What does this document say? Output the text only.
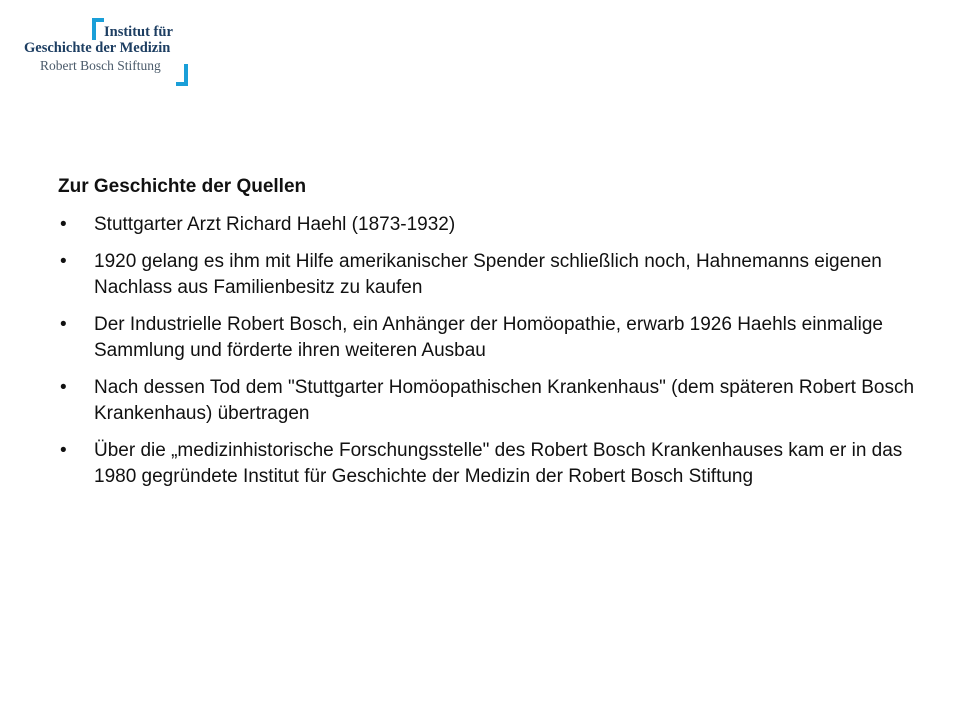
Institut für
Geschichte der Medizin
Robert Bosch Stiftung
Zur Geschichte der Quellen
• Stuttgarter Arzt Richard Haehl (1873-1932)
• 1920 gelang es ihm mit Hilfe amerikanischer Spender schließlich noch, Hahnemanns eigenen Nachlass aus Familienbesitz zu kaufen
• Der Industrielle Robert Bosch, ein Anhänger der Homöopathie, erwarb 1926 Haehls einmalige Sammlung und förderte ihren weiteren Ausbau
• Nach dessen Tod dem "Stuttgarter Homöopathischen Krankenhaus" (dem späteren Robert Bosch Krankenhaus) übertragen
• Über die „medizinhistorische Forschungsstelle" des Robert Bosch Krankenhauses kam er in das 1980 gegründete Institut für Geschichte der Medizin der Robert Bosch Stiftung
